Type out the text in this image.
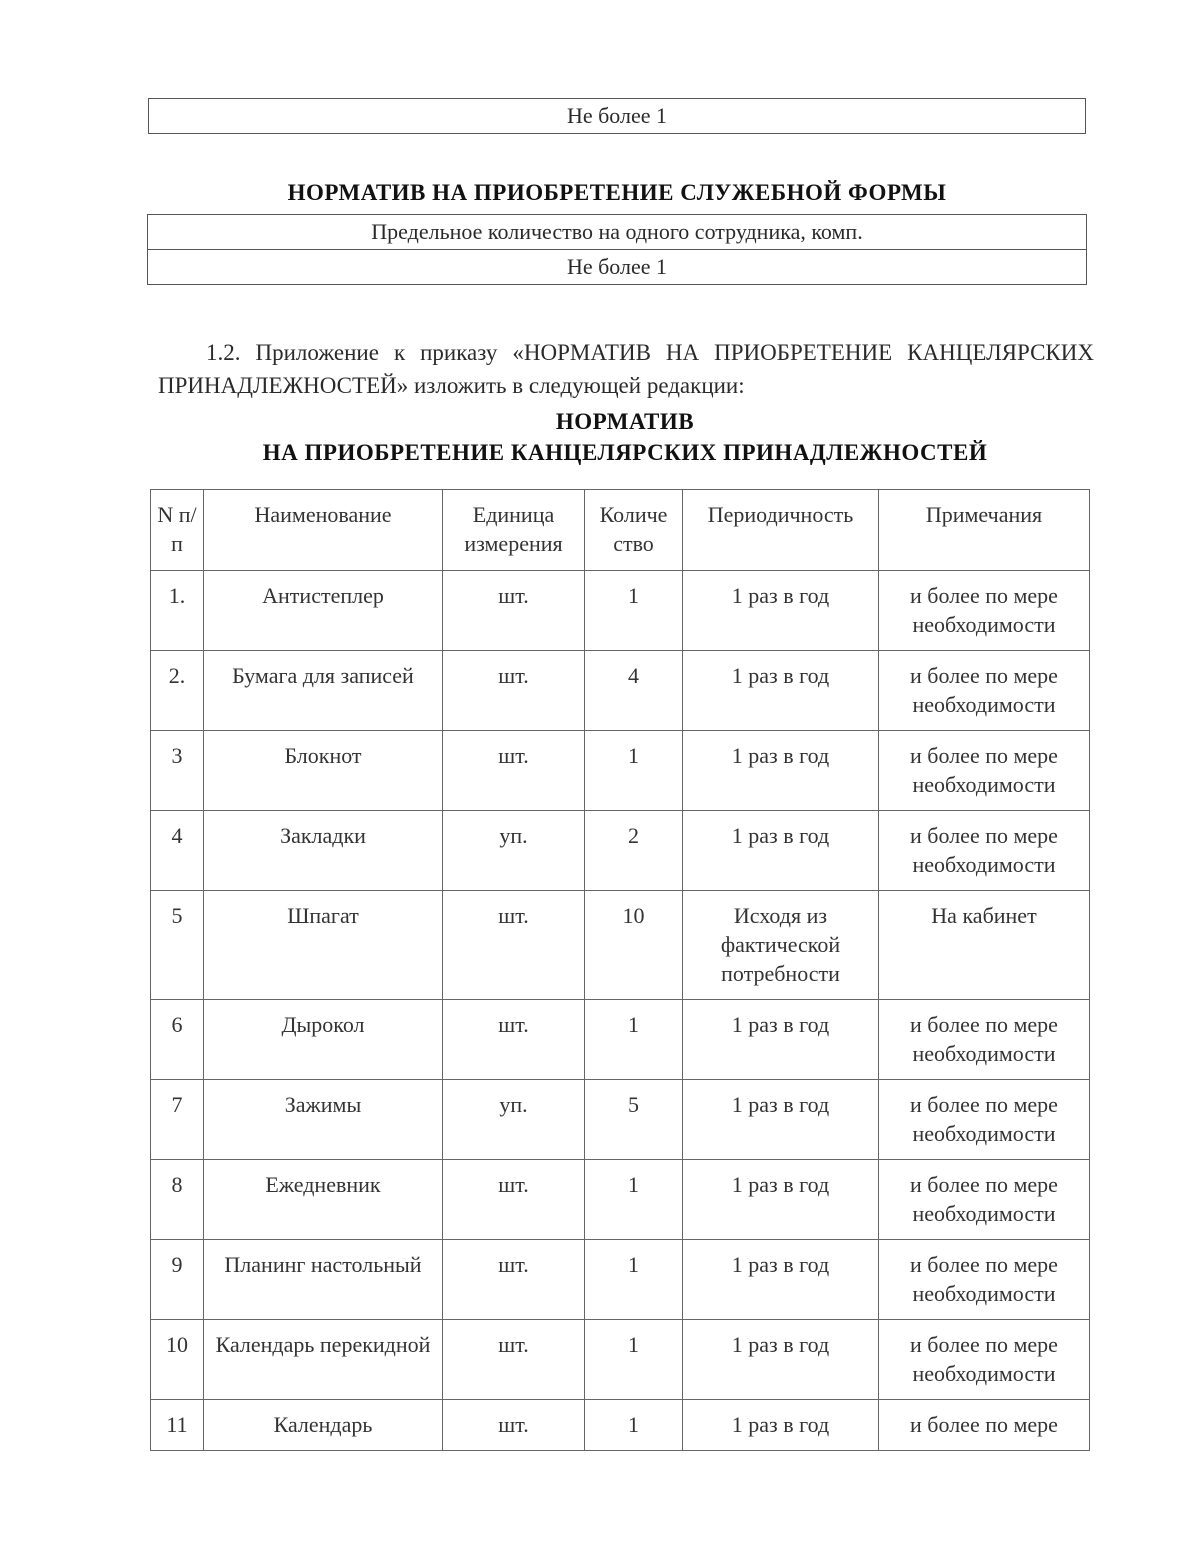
Не более 1
НОРМАТИВ НА ПРИОБРЕТЕНИЕ СЛУЖЕБНОЙ ФОРМЫ
Предельное количество на одного сотрудника, комп.
Не более 1
1.2. Приложение к приказу «НОРМАТИВ НА ПРИОБРЕТЕНИЕ КАНЦЕЛЯРСКИХ ПРИНАДЛЕЖНОСТЕЙ» изложить в следующей редакции:
НОРМАТИВ
НА ПРИОБРЕТЕНИЕ КАНЦЕЛЯРСКИХ ПРИНАДЛЕЖНОСТЕЙ
N п/п	Наименование	Единица измерения	Количе ство	Периодичность	Примечания
1.	Антистеплер	шт.	1	1 раз в год	и более по мере необходимости
2.	Бумага для записей	шт.	4	1 раз в год	и более по мере необходимости
3	Блокнот	шт.	1	1 раз в год	и более по мере необходимости
4	Закладки	уп.	2	1 раз в год	и более по мере необходимости
5	Шпагат	шт.	10	Исходя из фактической потребности	На кабинет
6	Дырокол	шт.	1	1 раз в год	и более по мере необходимости
7	Зажимы	уп.	5	1 раз в год	и более по мере необходимости
8	Ежедневник	шт.	1	1 раз в год	и более по мере необходимости
9	Планинг настольный	шт.	1	1 раз в год	и более по мере необходимости
10	Календарь перекидной	шт.	1	1 раз в год	и более по мере необходимости
11	Календарь	шт.	1	1 раз в год	и более по мере
